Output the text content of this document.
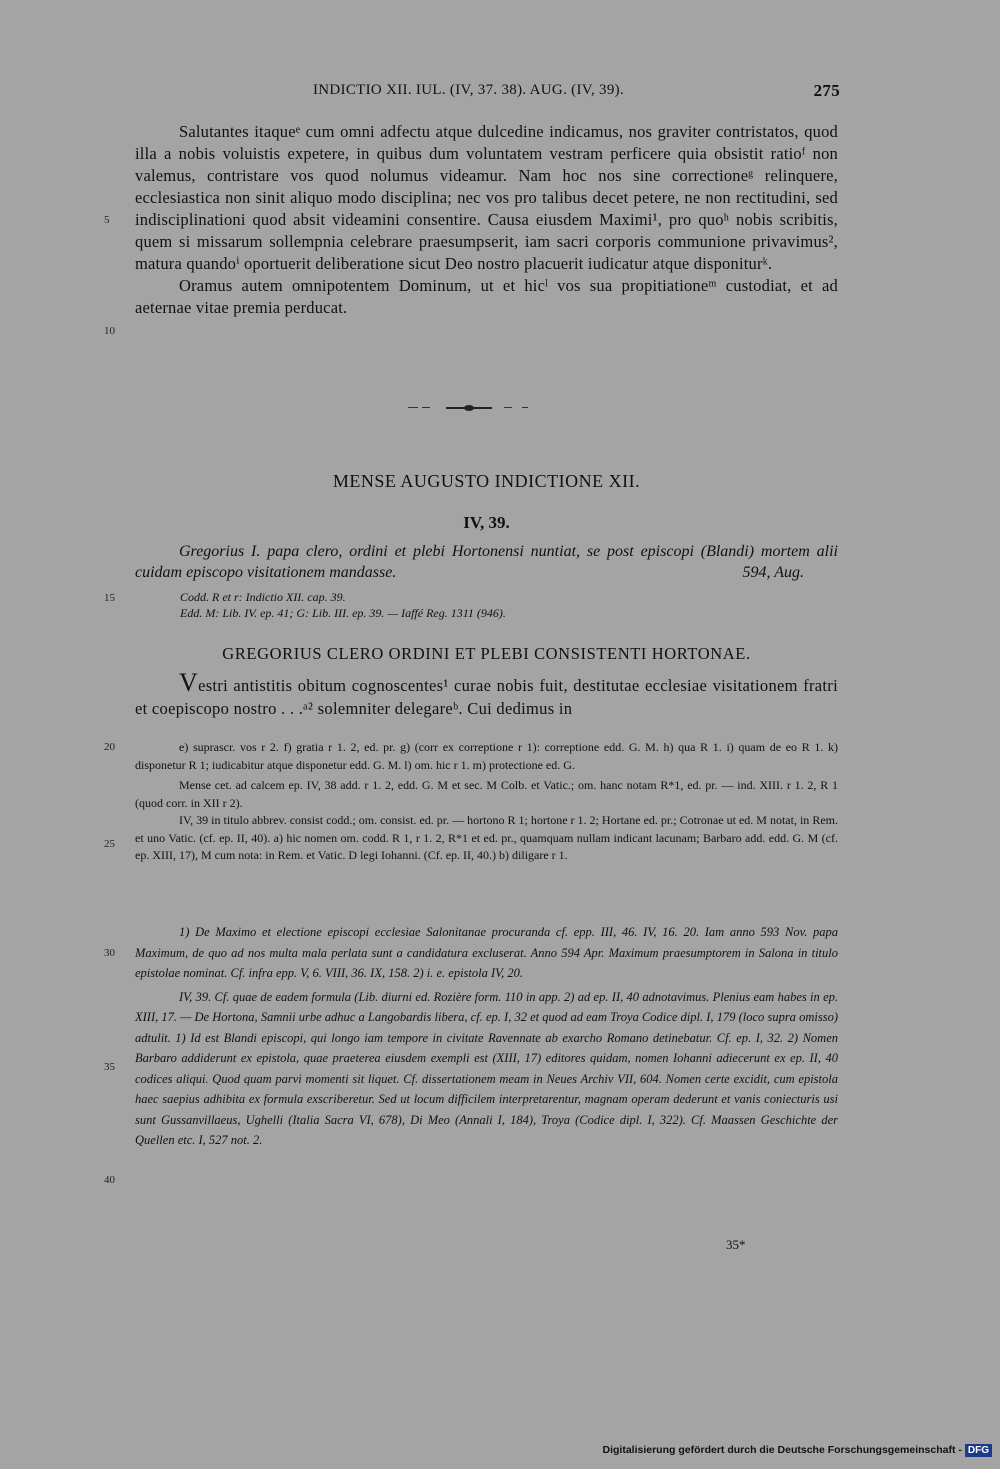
INDICTIO XII. IUL. (IV, 37. 38). AUG. (IV, 39).	275
5
10
15
20
25
30
35
40

Salutantes itaqueᵉ cum omni adfectu atque dulcedine indicamus, nos graviter contristatos, quod illa a nobis voluistis expetere, in quibus dum voluntatem vestram perficere quia obsistit ratioᶠ non valemus, contristare vos quod nolumus videamur. Nam hoc nos sine correctioneᵍ relinquere, ecclesiastica non sinit aliquo modo disciplina; nec vos pro talibus decet petere, ne non rectitudini, sed indisciplinationi quod absit videamini consentire. Causa eiusdem Maximi¹, pro quoʰ nobis scribitis, quem si missarum sollempnia celebrare praesumpserit, iam sacri corporis communione privavimus², matura quandoⁱ oportuerit deliberatione sicut Deo nostro placuerit iudicatur atque disponiturᵏ.

Oramus autem omnipotentem Dominum, ut et hicˡ vos sua propitiationeᵐ custodiat, et ad aeternae vitae premia perducat.

MENSE AUGUSTO INDICTIONE XII.
IV, 39.
Gregorius I. papa clero, ordini et plebi Hortonensi nuntiat, se post episcopi (Blandi) mortem alii cuidam episcopo visitationem mandasse.	594, Aug.
Codd. R et r: Indictio XII. cap. 39.
Edd. M: Lib. IV. ep. 41; G: Lib. III. ep. 39. — Iaffé Reg. 1311 (946).
GREGORIUS CLERO ORDINI ET PLEBI CONSISTENTI HORTONAE.
Vestri antistitis obitum cognoscentes¹ curae nobis fuit, destitutae ecclesiae visitationem fratri et coepiscopo nostro . . .ᵃ² solemniter delegareᵇ. Cui dedimus in

e) suprascr. vos r 2. f) gratia r 1. 2, ed. pr. g) (corr ex correptione r 1): correptione edd. G. M. h) qua R 1. i) quam de eo R 1. k) disponetur R 1; iudicabitur atque disponetur edd. G. M. l) om. hic r 1. m) protectione ed. G.

Mense cet. ad calcem ep. IV, 38 add. r 1. 2, edd. G. M et sec. M Colb. et Vatic.; om. hanc notam R*1, ed. pr. — ind. XIII. r 1. 2, R 1 (quod corr. in XII r 2).

IV, 39 in titulo abbrev. consist codd.; om. consist. ed. pr. — hortono R 1; hortone r 1. 2; Hortane ed. pr.; Cotronae ut ed. M notat, in Rem. et uno Vatic. (cf. ep. II, 40). a) hic nomen om. codd. R 1, r 1. 2, R*1 et ed. pr., quamquam nullam indicant lacunam; Barbaro add. edd. G. M (cf. ep. XIII, 17), M cum nota: in Rem. et Vatic. D legi Iohanni. (Cf. ep. II, 40.) b) diligare r 1.

1) De Maximo et electione episcopi ecclesiae Salonitanae procuranda cf. epp. III, 46. IV, 16. 20. Iam anno 593 Nov. papa Maximum, de quo ad nos multa mala perlata sunt a candidatura excluserat. Anno 594 Apr. Maximum praesumptorem in Salona in titulo epistolae nominat. Cf. infra epp. V, 6. VIII, 36. IX, 158. 2) i. e. epistola IV, 20.

IV, 39. Cf. quae de eadem formula (Lib. diurni ed. Rozière form. 110 in app. 2) ad ep. II, 40 adnotavimus. Plenius eam habes in ep. XIII, 17. — De Hortona, Samnii urbe adhuc a Langobardis libera, cf. ep. I, 32 et quod ad eam Troya Codice dipl. I, 179 (loco supra omisso) adtulit. 1) Id est Blandi episcopi, qui longo iam tempore in civitate Ravennate ab exarcho Romano detinebatur. Cf. ep. I, 32. 2) Nomen Barbaro addiderunt ex epistola, quae praeterea eiusdem exempli est (XIII, 17) editores quidam, nomen Iohanni adiecerunt ex ep. II, 40 codices aliqui. Quod quam parvi momenti sit liquet. Cf. dissertationem meam in Neues Archiv VII, 604. Nomen certe excidit, cum epistola haec saepius adhibita ex formula exscriberetur. Sed ut locum difficilem interpretarentur, magnam operam dederunt et vanis coniecturis usi sunt Gussanvillaeus, Ughelli (Italia Sacra VI, 678), Di Meo (Annali I, 184), Troya (Codice dipl. I, 322). Cf. Maassen Geschichte der Quellen etc. I, 527 not. 2.

35*
Digitalisierung gefördert durch die Deutsche Forschungsgemeinschaft - DFG
